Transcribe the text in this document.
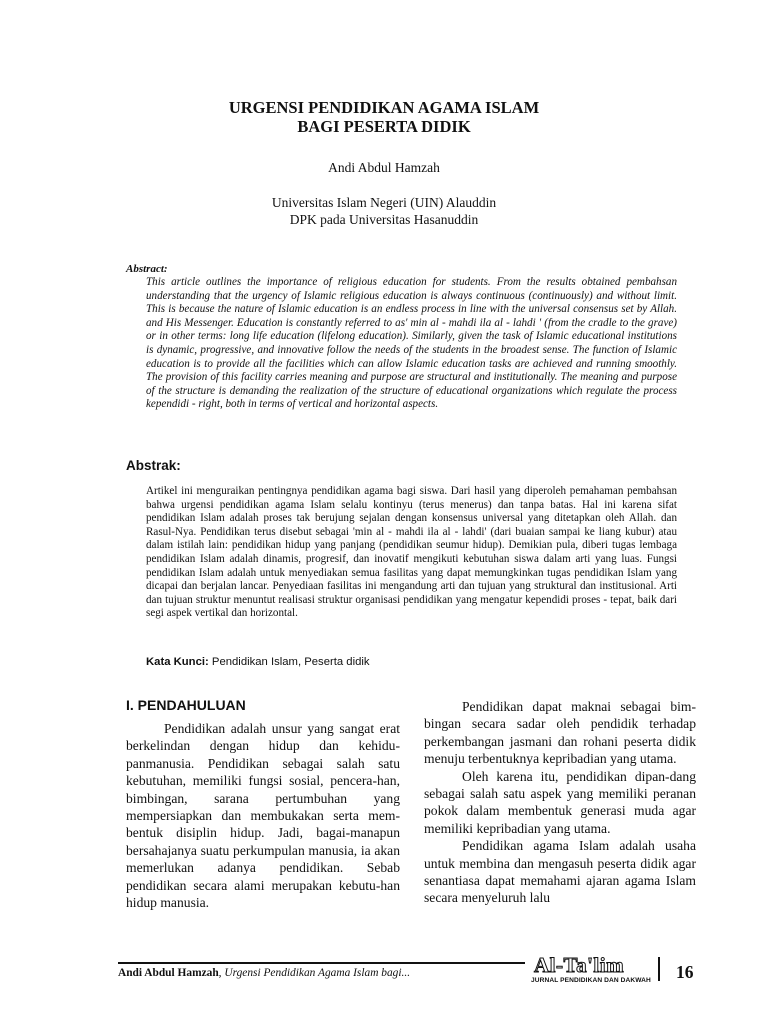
URGENSI PENDIDIKAN AGAMA ISLAM
BAGI PESERTA DIDIK
Andi Abdul Hamzah
Universitas Islam Negeri (UIN) Alauddin
DPK pada Universitas Hasanuddin
Abstract:
This article outlines the importance of religious education for students. From the results obtained pembahsan understanding that the urgency of Islamic religious education is always continuous (continuously) and without limit. This is because the nature of Islamic education is an endless process in line with the universal consensus set by Allah. and His Messenger. Education is constantly referred to as' min al - mahdi ila al - lahdi ' (from the cradle to the grave) or in other terms: long life education (lifelong education). Similarly, given the task of Islamic educational institutions is dynamic, progressive, and innovative follow the needs of the students in the broadest sense. The function of Islamic education is to provide all the facilities which can allow Islamic education tasks are achieved and running smoothly. The provision of this facility carries meaning and purpose are structural and institutionally. The meaning and purpose of the structure is demanding the realization of the structure of educational organizations which regulate the process kependidi - right, both in terms of vertical and horizontal aspects.
Abstrak:
Artikel ini menguraikan pentingnya pendidikan agama bagi siswa. Dari hasil yang diperoleh pemahaman pembahsan bahwa urgensi pendidikan agama Islam selalu kontinyu (terus menerus) dan tanpa batas. Hal ini karena sifat pendidikan Islam adalah proses tak berujung sejalan dengan konsensus universal yang ditetapkan oleh Allah. dan Rasul-Nya. Pendidikan terus disebut sebagai 'min al - mahdi ila al - lahdi' (dari buaian sampai ke liang kubur) atau dalam istilah lain: pendidikan hidup yang panjang (pendidikan seumur hidup). Demikian pula, diberi tugas lembaga pendidikan Islam adalah dinamis, progresif, dan inovatif mengikuti kebutuhan siswa dalam arti yang luas. Fungsi pendidikan Islam adalah untuk menyediakan semua fasilitas yang dapat memungkinkan tugas pendidikan Islam yang dicapai dan berjalan lancar. Penyediaan fasilitas ini mengandung arti dan tujuan yang struktural dan institusional. Arti dan tujuan struktur menuntut realisasi struktur organisasi pendidikan yang mengatur kependidi proses - tepat, baik dari segi aspek vertikal dan horizontal.
Kata Kunci: Pendidikan Islam, Peserta didik
I. PENDAHULUAN

Pendidikan adalah unsur yang sangat erat berkelindan dengan hidup dan kehidu-panmanusia. Pendidikan sebagai salah satu kebutuhan, memiliki fungsi sosial, pencera-han, bimbingan, sarana pertumbuhan yang mempersiapkan dan membukakan serta mem-bentuk disiplin hidup. Jadi, bagai-manapun bersahajanya suatu perkumpulan manusia, ia akan memerlukan adanya pendidikan. Sebab pendidikan secara alami merupakan kebutu-han hidup manusia.

Pendidikan dapat maknai sebagai bim-bingan secara sadar oleh pendidik terhadap perkembangan jasmani dan rohani peserta didik menuju terbentuknya kepribadian yang utama.

Oleh karena itu, pendidikan dipan-dang sebagai salah satu aspek yang memiliki peranan pokok dalam membentuk generasi muda agar memiliki kepribadian yang utama.

Pendidikan agama Islam adalah usaha untuk membina dan mengasuh peserta didik agar senantiasa dapat memahami ajaran agama Islam secara menyeluruh lalu

Andi Abdul Hamzah, Urgensi Pendidikan Agama Islam bagi...	Al-Ta'lim
JURNAL PENDIDIKAN DAN DAKWAH 16
